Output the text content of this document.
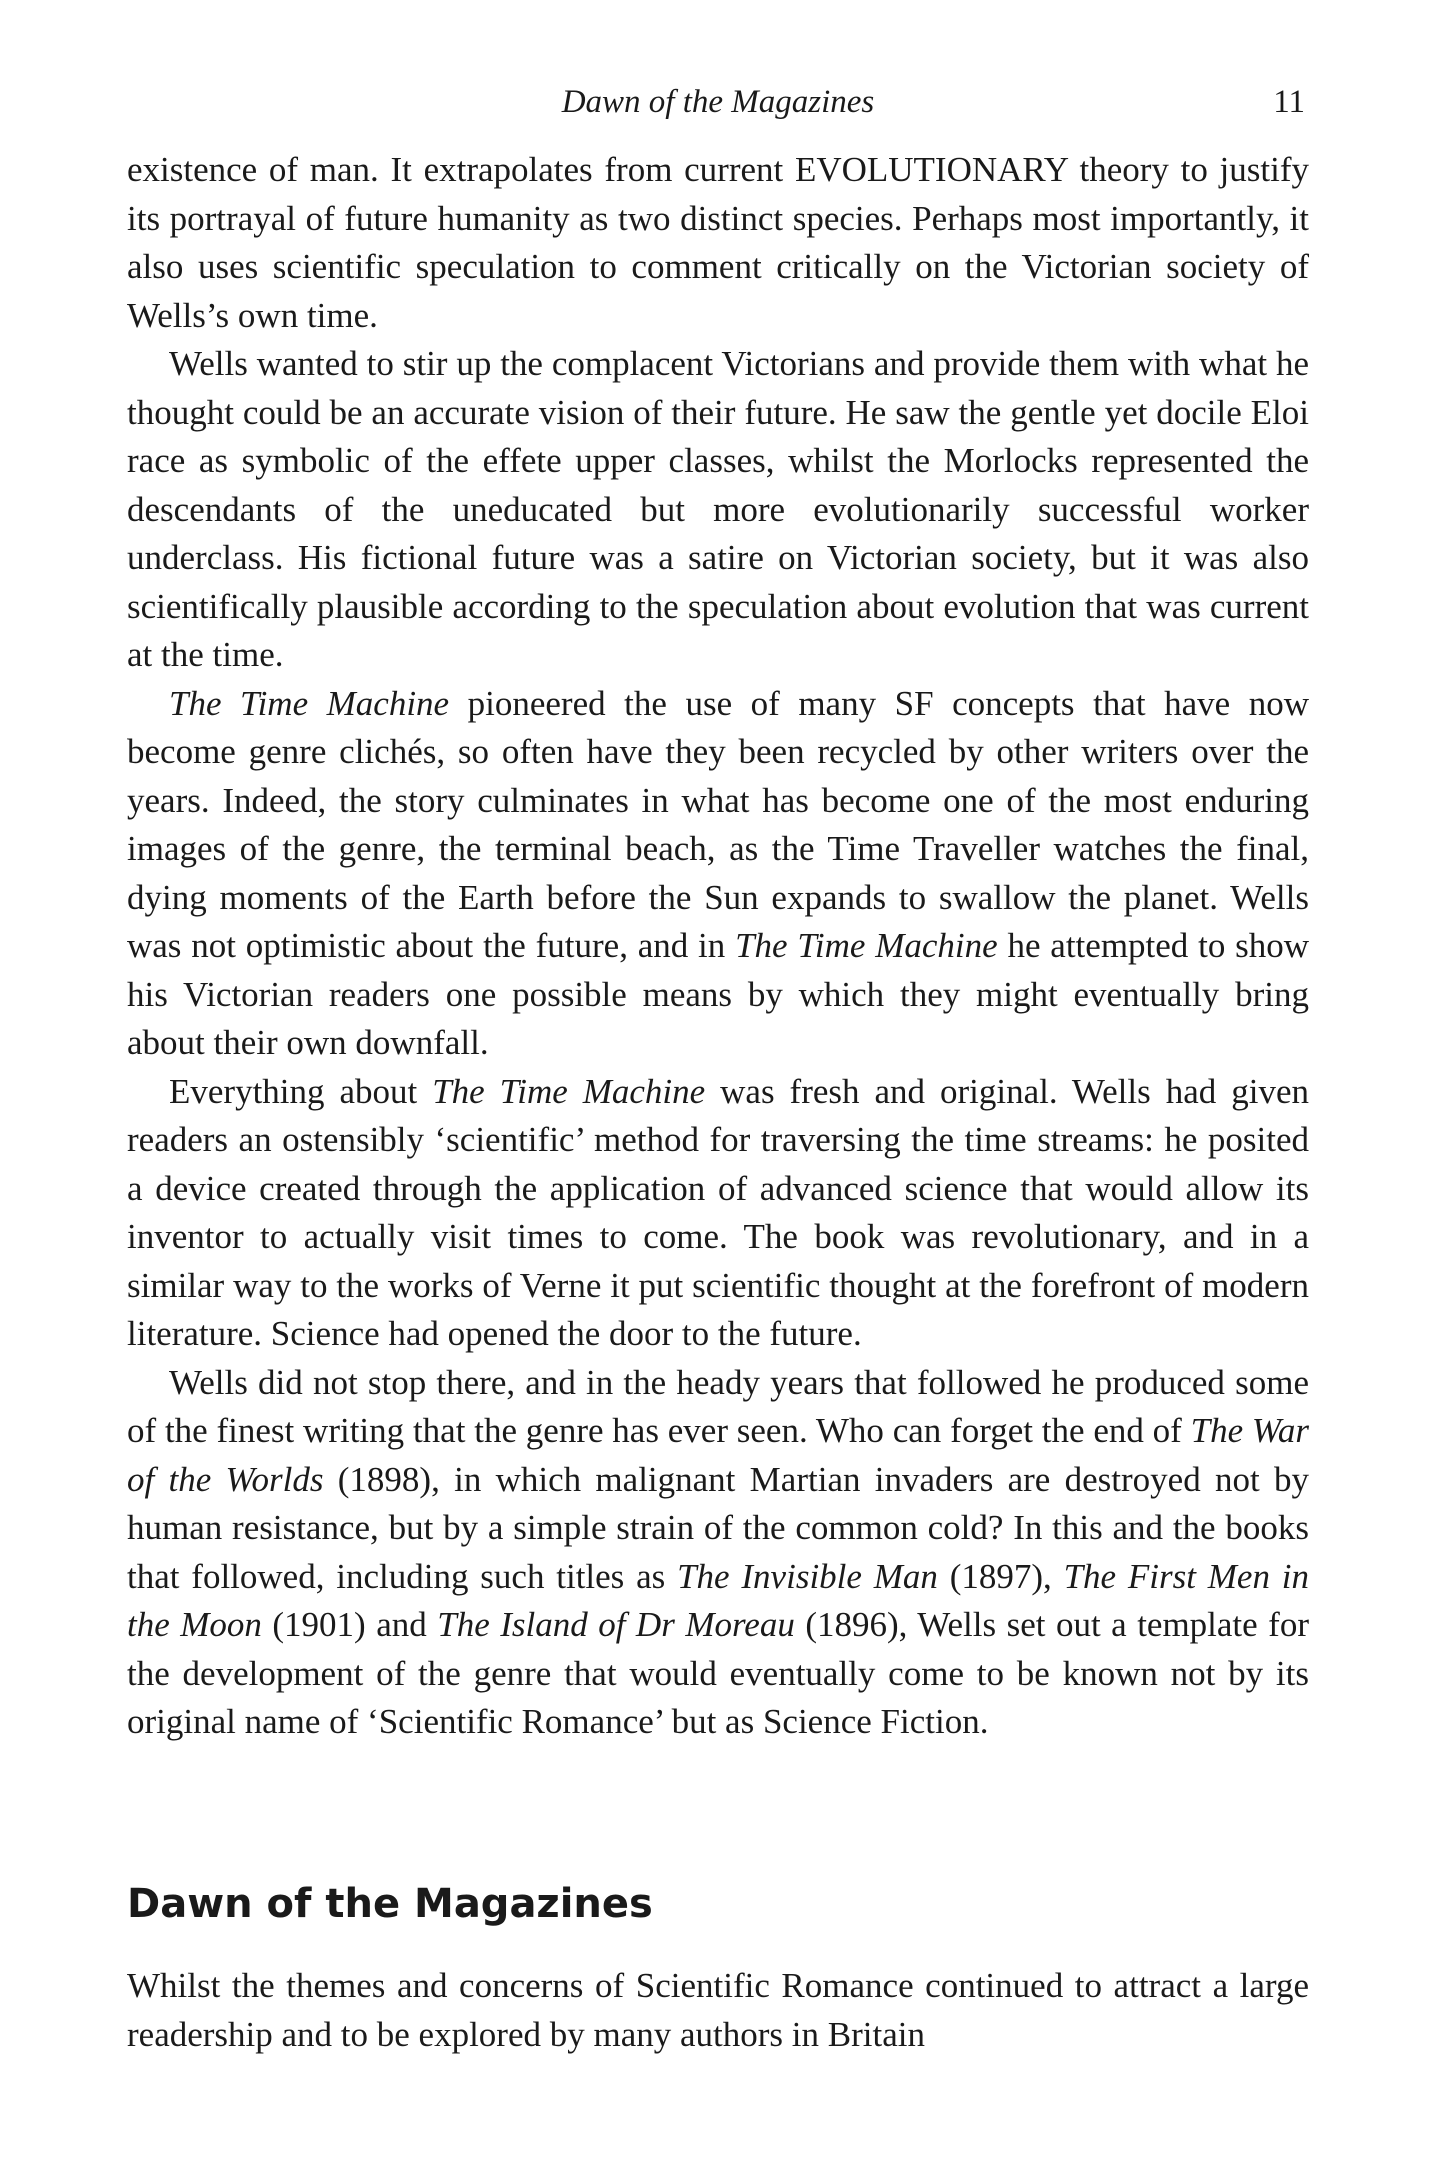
Dawn of the Magazines	11

existence of man. It extrapolates from current EVOLUTIONARY theory to justify its portrayal of future humanity as two distinct species. Perhaps most importantly, it also uses scientific speculation to comment critically on the Victorian society of Wells’s own time.

Wells wanted to stir up the complacent Victorians and provide them with what he thought could be an accurate vision of their future. He saw the gentle yet docile Eloi race as symbolic of the effete upper classes, whilst the Morlocks represented the descendants of the uneducated but more evolutionarily successful worker underclass. His fictional future was a satire on Victorian society, but it was also scientifically plausible according to the speculation about evolution that was current at the time.

The Time Machine pioneered the use of many SF concepts that have now become genre clichés, so often have they been recycled by other writers over the years. Indeed, the story culminates in what has become one of the most enduring images of the genre, the terminal beach, as the Time Traveller watches the final, dying moments of the Earth before the Sun expands to swallow the planet. Wells was not optimistic about the future, and in The Time Machine he attempted to show his Victorian readers one possible means by which they might eventually bring about their own downfall.

Everything about The Time Machine was fresh and original. Wells had given readers an ostensibly ‘scientific’ method for traversing the time streams: he posited a device created through the application of advanced science that would allow its inventor to actually visit times to come. The book was revolutionary, and in a similar way to the works of Verne it put scientific thought at the forefront of modern literature. Science had opened the door to the future.

Wells did not stop there, and in the heady years that followed he produced some of the finest writing that the genre has ever seen. Who can forget the end of The War of the Worlds (1898), in which malignant Martian invaders are destroyed not by human resistance, but by a simple strain of the common cold? In this and the books that followed, including such titles as The Invisible Man (1897), The First Men in the Moon (1901) and The Island of Dr Moreau (1896), Wells set out a template for the development of the genre that would eventually come to be known not by its original name of ‘Scientific Romance’ but as Science Fiction.

Dawn of the Magazines

Whilst the themes and concerns of Scientific Romance continued to attract a large readership and to be explored by many authors in Britain
